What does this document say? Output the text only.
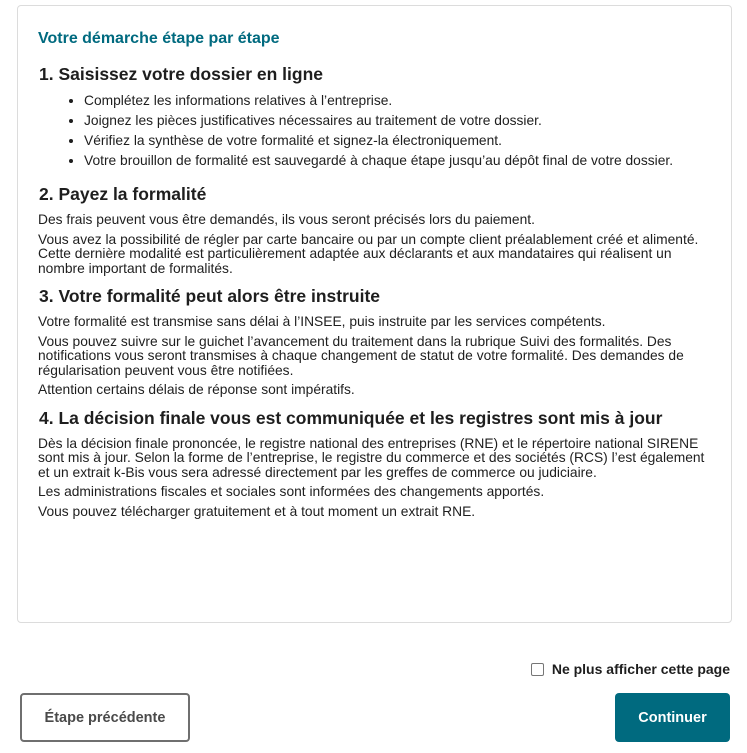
Votre démarche étape par étape
1. Saisissez votre dossier en ligne
• Complétez les informations relatives à l’entreprise.
• Joignez les pièces justificatives nécessaires au traitement de votre dossier.
• Vérifiez la synthèse de votre formalité et signez-la électroniquement.
• Votre brouillon de formalité est sauvegardé à chaque étape jusqu’au dépôt final de votre dossier.
2. Payez la formalité

Des frais peuvent vous être demandés, ils vous seront précisés lors du paiement.

Vous avez la possibilité de régler par carte bancaire ou par un compte client préalablement créé et alimenté. Cette dernière modalité est particulièrement adaptée aux déclarants et aux mandataires qui réalisent un nombre important de formalités.

3. Votre formalité peut alors être instruite

Votre formalité est transmise sans délai à l’INSEE, puis instruite par les services compétents.

Vous pouvez suivre sur le guichet l’avancement du traitement dans la rubrique Suivi des formalités. Des notifications vous seront transmises à chaque changement de statut de votre formalité. Des demandes de régularisation peuvent vous être notifiées.

Attention certains délais de réponse sont impératifs.

4. La décision finale vous est communiquée et les registres sont mis à jour

Dès la décision finale prononcée, le registre national des entreprises (RNE) et le répertoire national SIRENE sont mis à jour. Selon la forme de l’entreprise, le registre du commerce et des sociétés (RCS) l’est également et un extrait k-Bis vous sera adressé directement par les greffes de commerce ou judiciaire.

Les administrations fiscales et sociales sont informées des changements apportés.

Vous pouvez télécharger gratuitement et à tout moment un extrait RNE.

Ne plus afficher cette page
Étape précédente	Continuer
